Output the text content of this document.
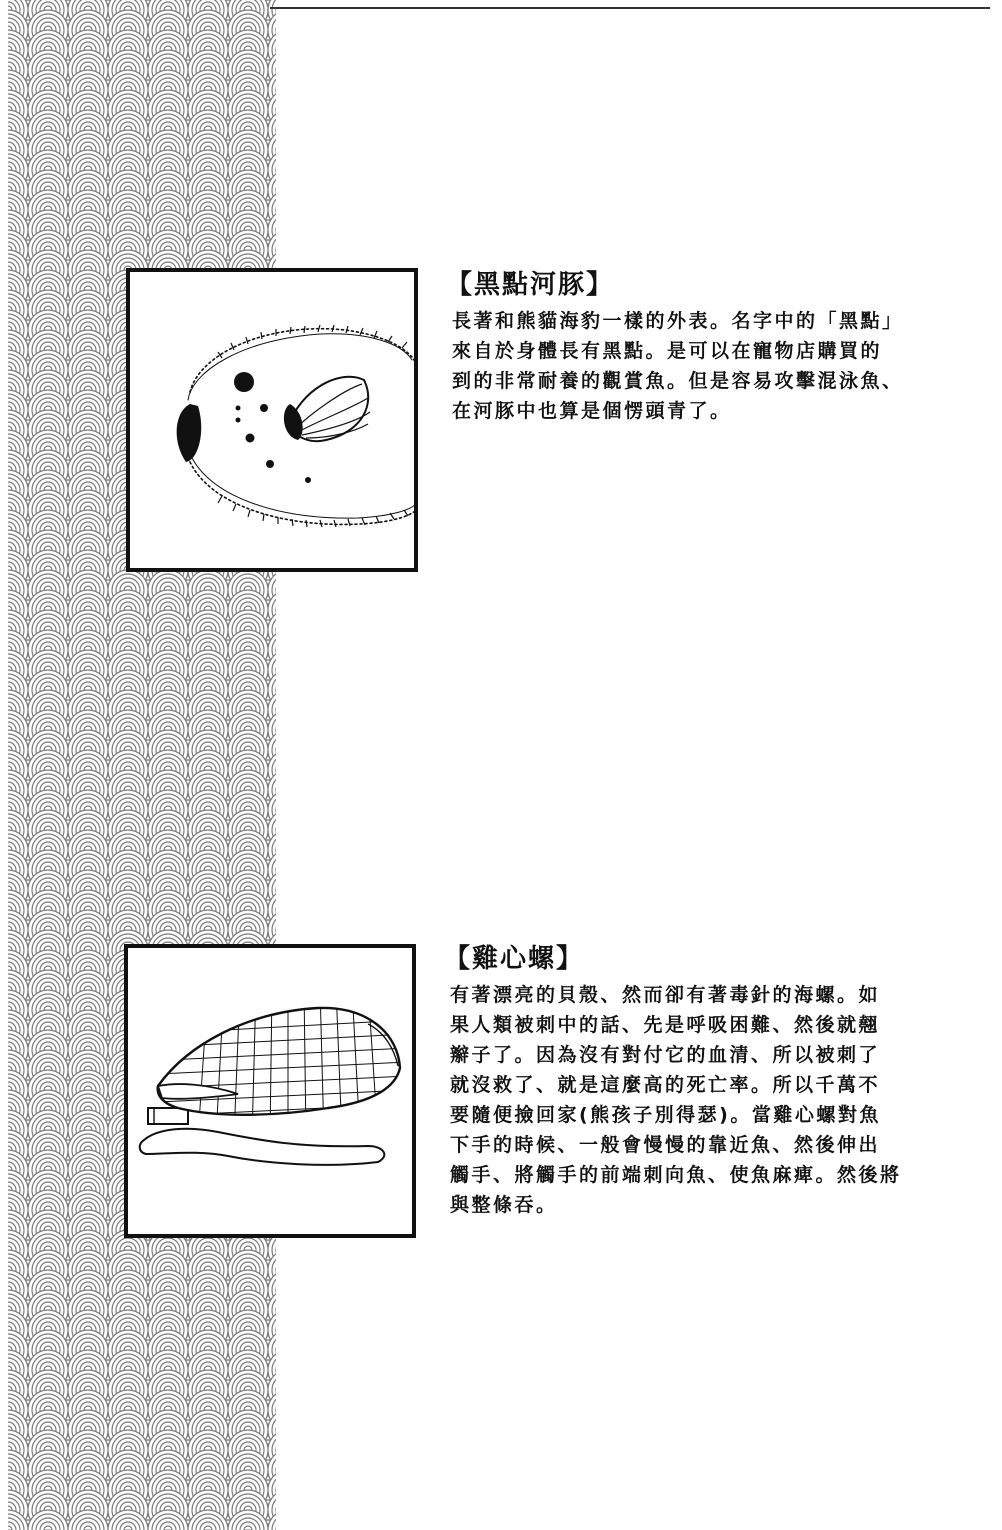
【黑點河豚】

長著和熊貓海豹一樣的外表。名字中的「黑點」
來自於身體長有黑點。是可以在寵物店購買的
到的非常耐養的觀賞魚。但是容易攻擊混泳魚、
在河豚中也算是個愣頭青了。

【雞心螺】

有著漂亮的貝殼、然而卻有著毒針的海螺。如
果人類被刺中的話、先是呼吸困難、然後就翹
辮子了。因為沒有對付它的血清、所以被刺了
就沒救了、就是這麼高的死亡率。所以千萬不
要隨便撿回家(熊孩子別得瑟)。當雞心螺對魚
下手的時候、一般會慢慢的靠近魚、然後伸出
觸手、將觸手的前端刺向魚、使魚麻痺。然後將
與整條吞。
